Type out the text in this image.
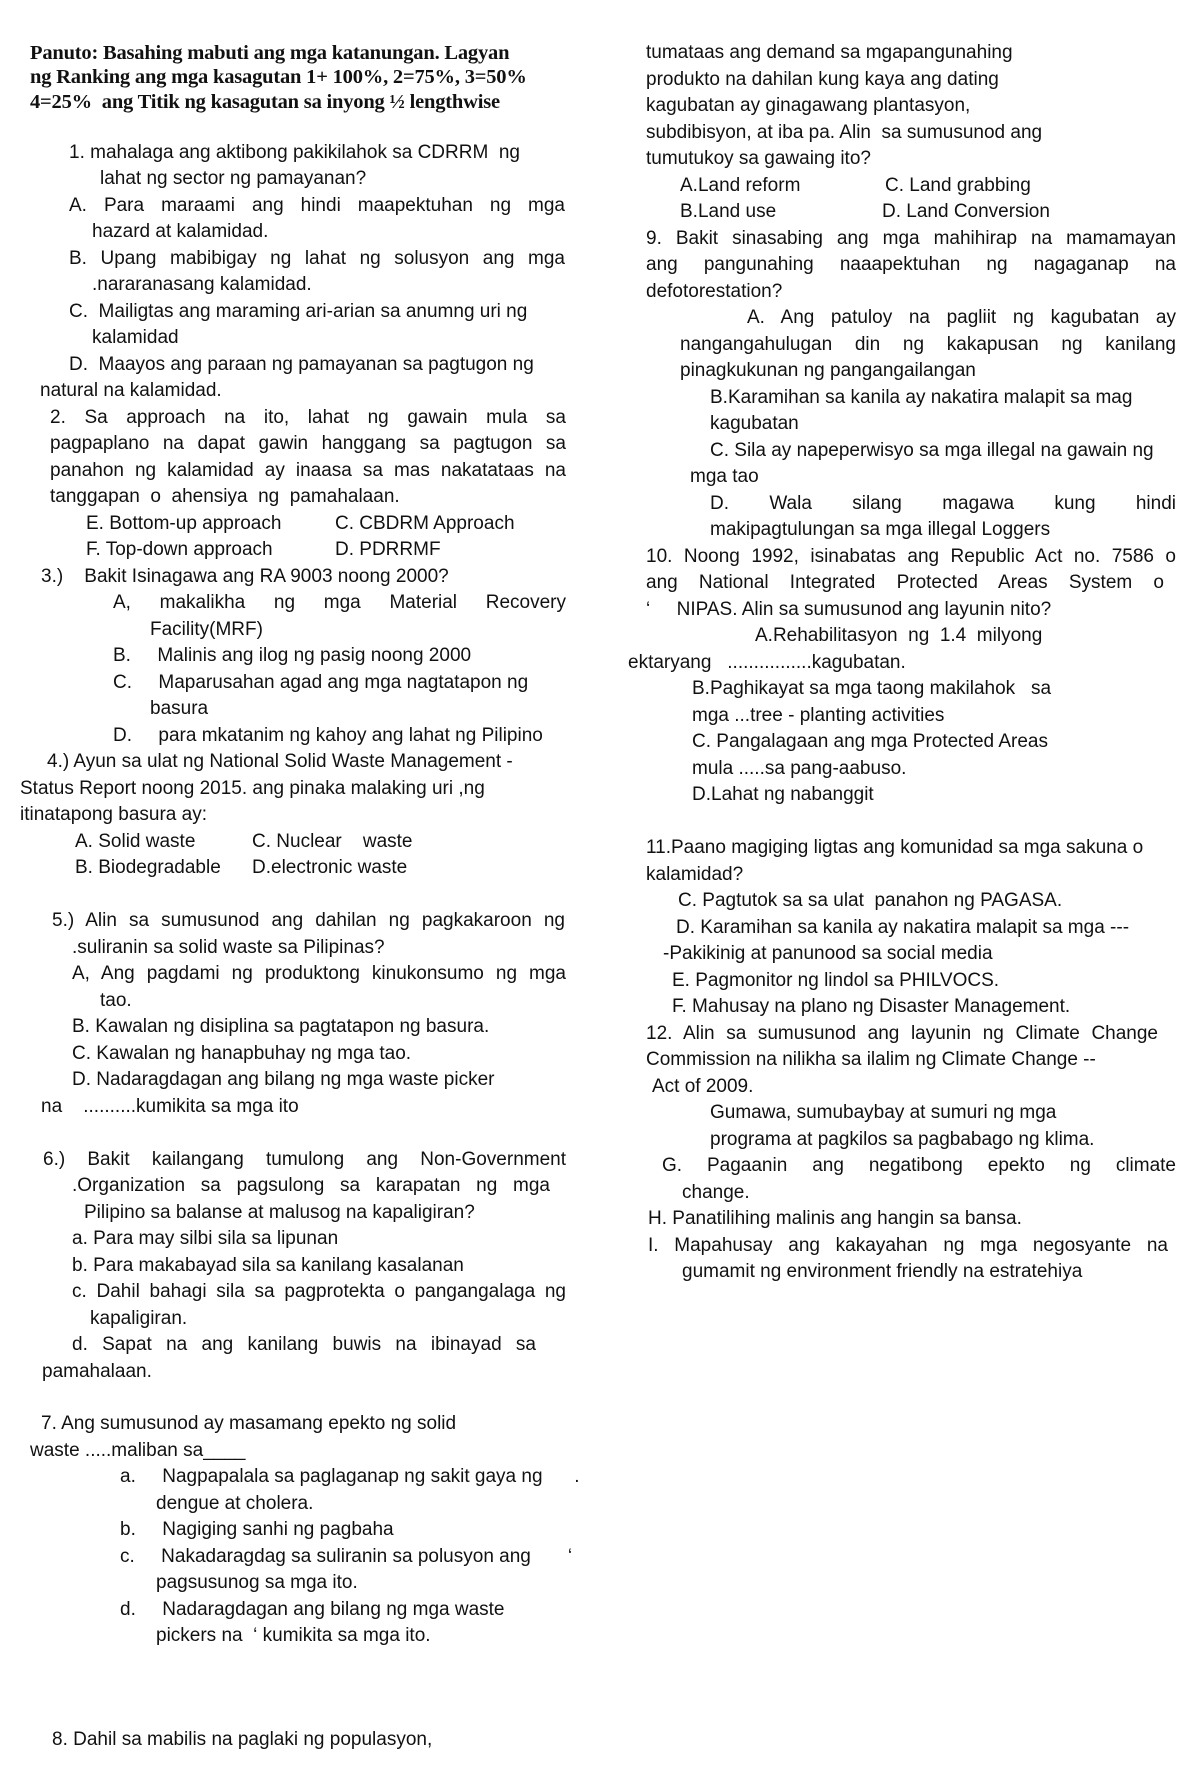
Panuto: Basahing mabuti ang mga katanungan. Lagyan
ng Ranking ang mga kasagutan 1+ 100%, 2=75%, 3=50%
4=25%  ang Titik ng kasagutan sa inyong ½ lengthwise
1. mahalaga ang aktibong pakikilahok sa CDRRM  ng
lahat ng sector ng pamayanan?
A. Para maraami ang hindi maapektuhan ng mga
hazard at kalamidad.
B. Upang mabibigay ng lahat ng solusyon ang mga
.nararanasang kalamidad.
C.  Mailigtas ang maraming ari-arian sa anumng uri ng
kalamidad
D.  Maayos ang paraan ng pamayanan sa pagtugon ng
natural na kalamidad.
2. Sa approach na ito, lahat ng gawain mula sa
pagpaplano na dapat gawin hanggang sa pagtugon sa
panahon ng kalamidad ay inaasa sa mas nakatataas na
tanggapan  o  ahensiya  ng  pamahalaan.
E. Bottom-up approach	C. CBDRM Approach
F. Top-down approach	D. PDRRMF
3.)    Bakit Isinagawa ang RA 9003 noong 2000?
A, makalikha ng mga Material Recovery
Facility(MRF)
B.     Malinis ang ilog ng pasig noong 2000
C.     Maparusahan agad ang mga nagtatapon ng
basura
D.     para mkatanim ng kahoy ang lahat ng Pilipino
4.) Ayun sa ulat ng National Solid Waste Management -
Status Report noong 2015. ang pinaka malaking uri ,ng
itinatapong basura ay:
A. Solid waste	C. Nuclear    waste
B. Biodegradable D.electronic waste
5.) Alin sa sumusunod ang dahilan ng pagkakaroon ng
.suliranin sa solid waste sa Pilipinas?
A, Ang pagdami ng produktong kinukonsumo ng mga
tao.
B. Kawalan ng disiplina sa pagtatapon ng basura.
C. Kawalan ng hanapbuhay ng mga tao.
D. Nadaragdagan ang bilang ng mga waste picker
na    ..........kumikita sa mga ito
6.) Bakit kailangang tumulong ang Non-Government
.Organization sa pagsulong sa karapatan ng mga
Pilipino sa balanse at malusog na kapaligiran?
a. Para may silbi sila sa lipunan
b. Para makabayad sila sa kanilang kasalanan
c. Dahil bahagi sila sa pagprotekta o pangangalaga ng
kapaligiran.
d. Sapat na ang kanilang buwis na ibinayad sa
pamahalaan.
7. Ang sumusunod ay masamang epekto ng solid
waste .....maliban sa____
a.     Nagpapalala sa paglaganap ng sakit gaya ng      .
dengue at cholera.
b.     Nagiging sanhi ng pagbaha
c.     Nakadaragdag sa suliranin sa polusyon ang       ‘
pagsusunog sa mga ito.
d.     Nadaragdagan ang bilang ng mga waste
pickers na  ‘ kumikita sa mga ito.
8. Dahil sa mabilis na paglaki ng populasyon,
tumataas ang demand sa mgapangunahing
produkto na dahilan kung kaya ang dating
kagubatan ay ginagawang plantasyon,
subdibisyon, at iba pa. Alin  sa sumusunod ang
tumutukoy sa gawaing ito?
A.Land reform	C. Land grabbing
B.Land use	D. Land Conversion
9. Bakit sinasabing ang mga mahihirap na mamamayan
ang pangunahing naaapektuhan ng nagaganap na
defotorestation?
A. Ang patuloy na pagliit ng kagubatan ay
nangangahulugan din ng kakapusan ng kanilang
pinagkukunan ng pangangailangan
B.Karamihan sa kanila ay nakatira malapit sa mag
kagubatan
C. Sila ay napeperwisyo sa mga illegal na gawain ng
mga tao
D. Wala silang magawa kung hindi
makipagtulungan sa mga illegal Loggers
10. Noong 1992, isinabatas ang Republic Act no. 7586 o
ang National Integrated Protected Areas System o
‘     NIPAS. Alin sa sumusunod ang layunin nito?
A.Rehabilitasyon  ng  1.4  milyong
ektaryang   ................kagubatan.
B.Paghikayat sa mga taong makilahok   sa
mga ...tree - planting activities
C. Pangalagaan ang mga Protected Areas
mula .....sa pang-aabuso.
D.Lahat ng nabanggit
11.Paano magiging ligtas ang komunidad sa mga sakuna o
kalamidad?
C. Pagtutok sa sa ulat  panahon ng PAGASA.
D. Karamihan sa kanila ay nakatira malapit sa mga ---
-Pakikinig at panunood sa social media
E. Pagmonitor ng lindol sa PHILVOCS.
F. Mahusay na plano ng Disaster Management.
12. Alin sa sumusunod ang layunin ng Climate Change
Commission na nilikha sa ilalim ng Climate Change --
Act of 2009.
Gumawa, sumubaybay at sumuri ng mga
programa at pagkilos sa pagbabago ng klima.
G. Pagaanin ang negatibong epekto ng climate
change.
H. Panatilihing malinis ang hangin sa bansa.
I. Mapahusay ang kakayahan ng mga negosyante na
gumamit ng environment friendly na estratehiya
